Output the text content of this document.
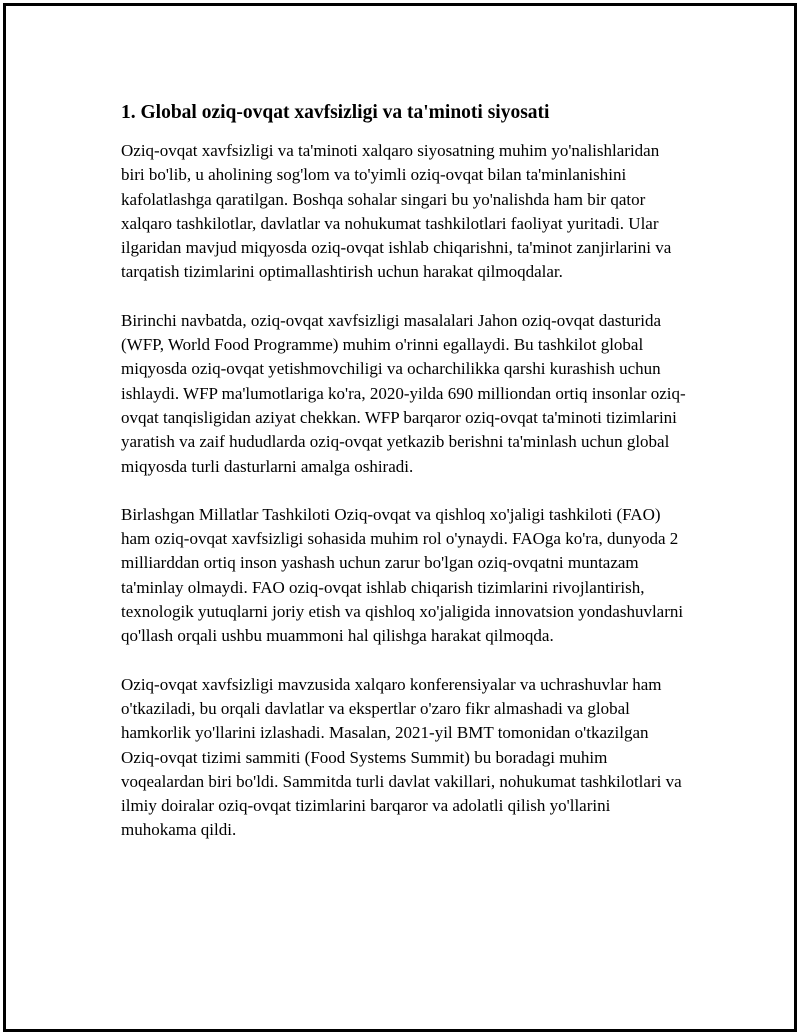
1. Global oziq-ovqat xavfsizligi va ta'minoti siyosati

Oziq-ovqat xavfsizligi va ta'minoti xalqaro siyosatning muhim yo'nalishlaridan biri bo'lib, u aholining sog'lom va to'yimli oziq-ovqat bilan ta'minlanishini kafolatlashga qaratilgan. Boshqa sohalar singari bu yo'nalishda ham bir qator xalqaro tashkilotlar, davlatlar va nohukumat tashkilotlari faoliyat yuritadi. Ular ilgaridan mavjud miqyosda oziq-ovqat ishlab chiqarishni, ta'minot zanjirlarini va tarqatish tizimlarini optimallashtirish uchun harakat qilmoqdalar.

Birinchi navbatda, oziq-ovqat xavfsizligi masalalari Jahon oziq-ovqat dasturida (WFP, World Food Programme) muhim o'rinni egallaydi. Bu tashkilot global miqyosda oziq-ovqat yetishmovchiligi va ocharchilikka qarshi kurashish uchun ishlaydi. WFP ma'lumotlariga ko'ra, 2020-yilda 690 milliondan ortiq insonlar oziq-ovqat tanqisligidan aziyat chekkan. WFP barqaror oziq-ovqat ta'minoti tizimlarini yaratish va zaif hududlarda oziq-ovqat yetkazib berishni ta'minlash uchun global miqyosda turli dasturlarni amalga oshiradi.

Birlashgan Millatlar Tashkiloti Oziq-ovqat va qishloq xo'jaligi tashkiloti (FAO) ham oziq-ovqat xavfsizligi sohasida muhim rol o'ynaydi. FAOga ko'ra, dunyoda 2 milliarddan ortiq inson yashash uchun zarur bo'lgan oziq-ovqatni muntazam ta'minlay olmaydi. FAO oziq-ovqat ishlab chiqarish tizimlarini rivojlantirish, texnologik yutuqlarni joriy etish va qishloq xo'jaligida innovatsion yondashuvlarni qo'llash orqali ushbu muammoni hal qilishga harakat qilmoqda.

Oziq-ovqat xavfsizligi mavzusida xalqaro konferensiyalar va uchrashuvlar ham o'tkaziladi, bu orqali davlatlar va ekspertlar o'zaro fikr almashadi va global hamkorlik yo'llarini izlashadi. Masalan, 2021-yil BMT tomonidan o'tkazilgan Oziq-ovqat tizimi sammiti (Food Systems Summit) bu boradagi muhim voqealardan biri bo'ldi. Sammitda turli davlat vakillari, nohukumat tashkilotlari va ilmiy doiralar oziq-ovqat tizimlarini barqaror va adolatli qilish yo'llarini muhokama qildi.
